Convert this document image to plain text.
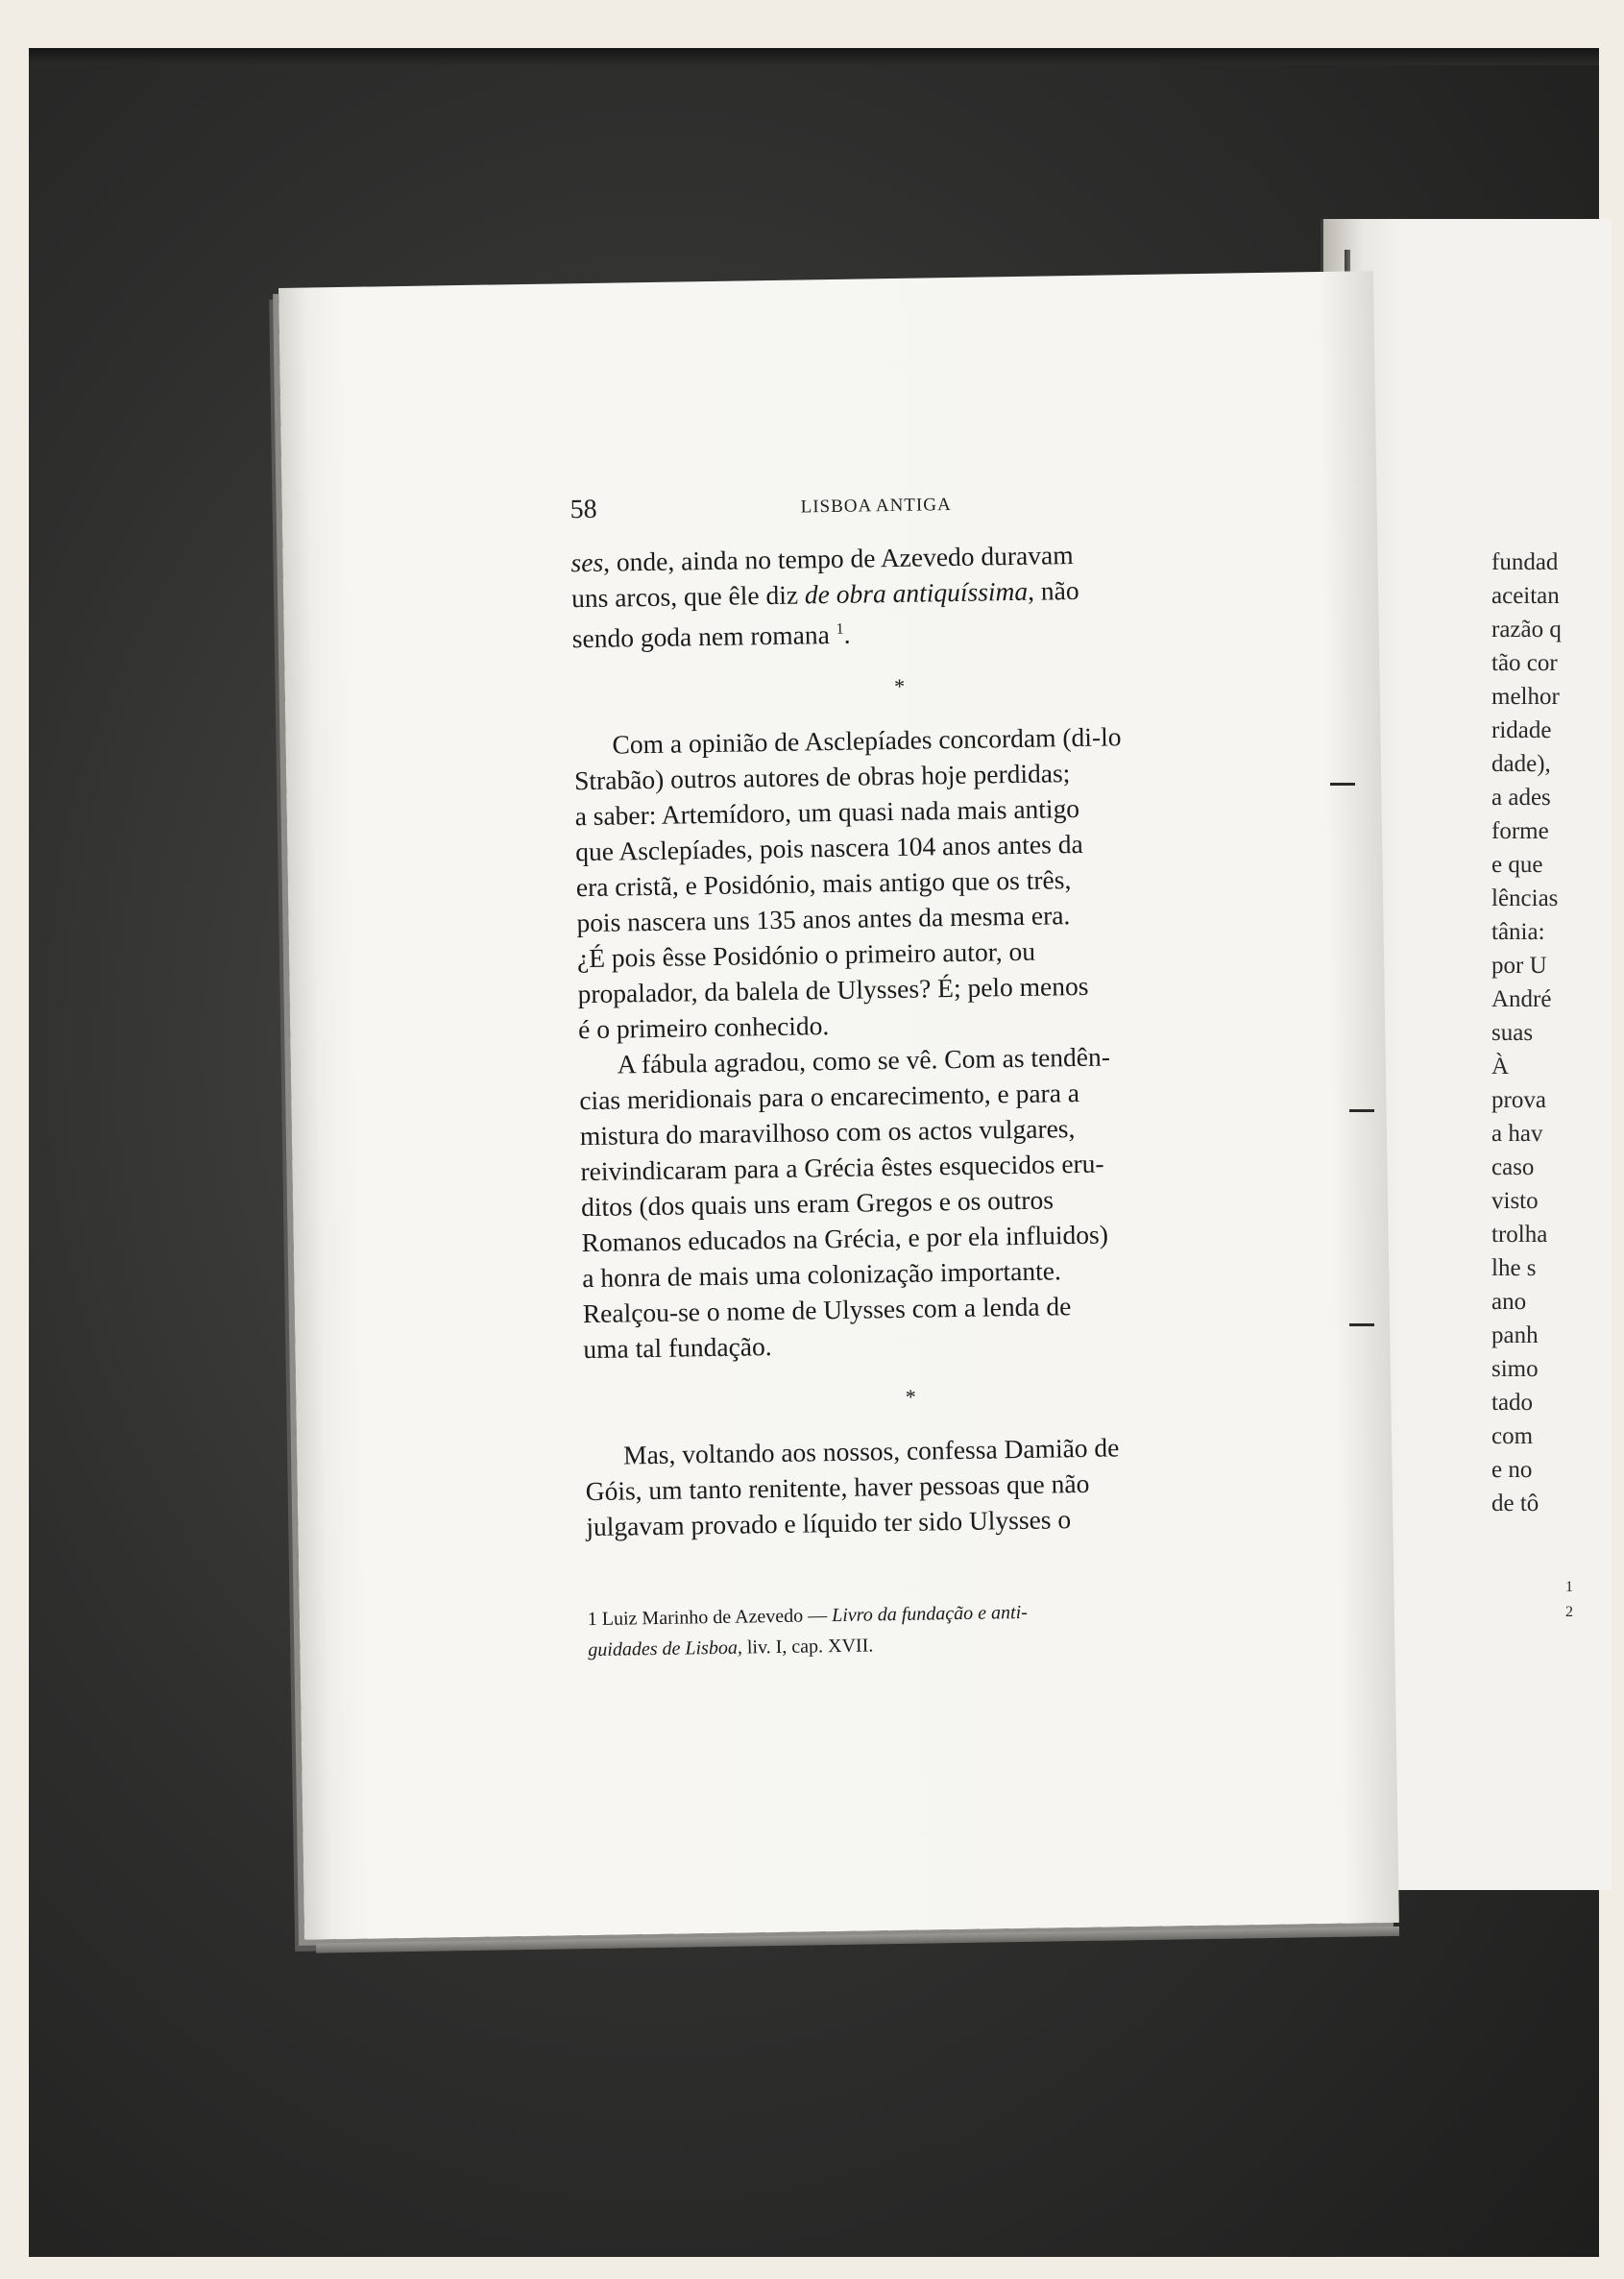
fundad
aceitan
razão q
tão cor
melhor
ridade
dade),
a ades
forme
e que
lências
tânia:
por U
André
suas
À
prova
a hav
caso
visto
trolha
lhe s
ano
panh
simo
tado
com
e no
de tô
1
2
58	LISBOA ANTIGA

ses, onde, ainda no tempo de Azevedo duravam
uns arcos, que êle diz de obra antiquíssima, não
sendo goda nem romana $^1$.

*

Com a opinião de Asclepíades concordam (di-lo
Strabão) outros autores de obras hoje perdidas;
a saber: Artemídoro, um quasi nada mais antigo
que Asclepíades, pois nascera 104 anos antes da
era cristã, e Posidónio, mais antigo que os três,
pois nascera uns 135 anos antes da mesma era.
¿É pois êsse Posidónio o primeiro autor, ou
propalador, da balela de Ulysses? É; pelo menos
é o primeiro conhecido.

A fábula agradou, como se vê. Com as tendên-
cias meridionais para o encarecimento, e para a
mistura do maravilhoso com os actos vulgares,
reivindicaram para a Grécia êstes esquecidos eru-
ditos (dos quais uns eram Gregos e os outros
Romanos educados na Grécia, e por ela influidos)
a honra de mais uma colonização importante.
Realçou-se o nome de Ulysses com a lenda de
uma tal fundação.

*

Mas, voltando aos nossos, confessa Damião de
Góis, um tanto renitente, haver pessoas que não
julgavam provado e líquido ter sido Ulysses o

1 Luiz Marinho de Azevedo — Livro da fundação e anti-
guidades de Lisboa, liv. I, cap. XVII.
